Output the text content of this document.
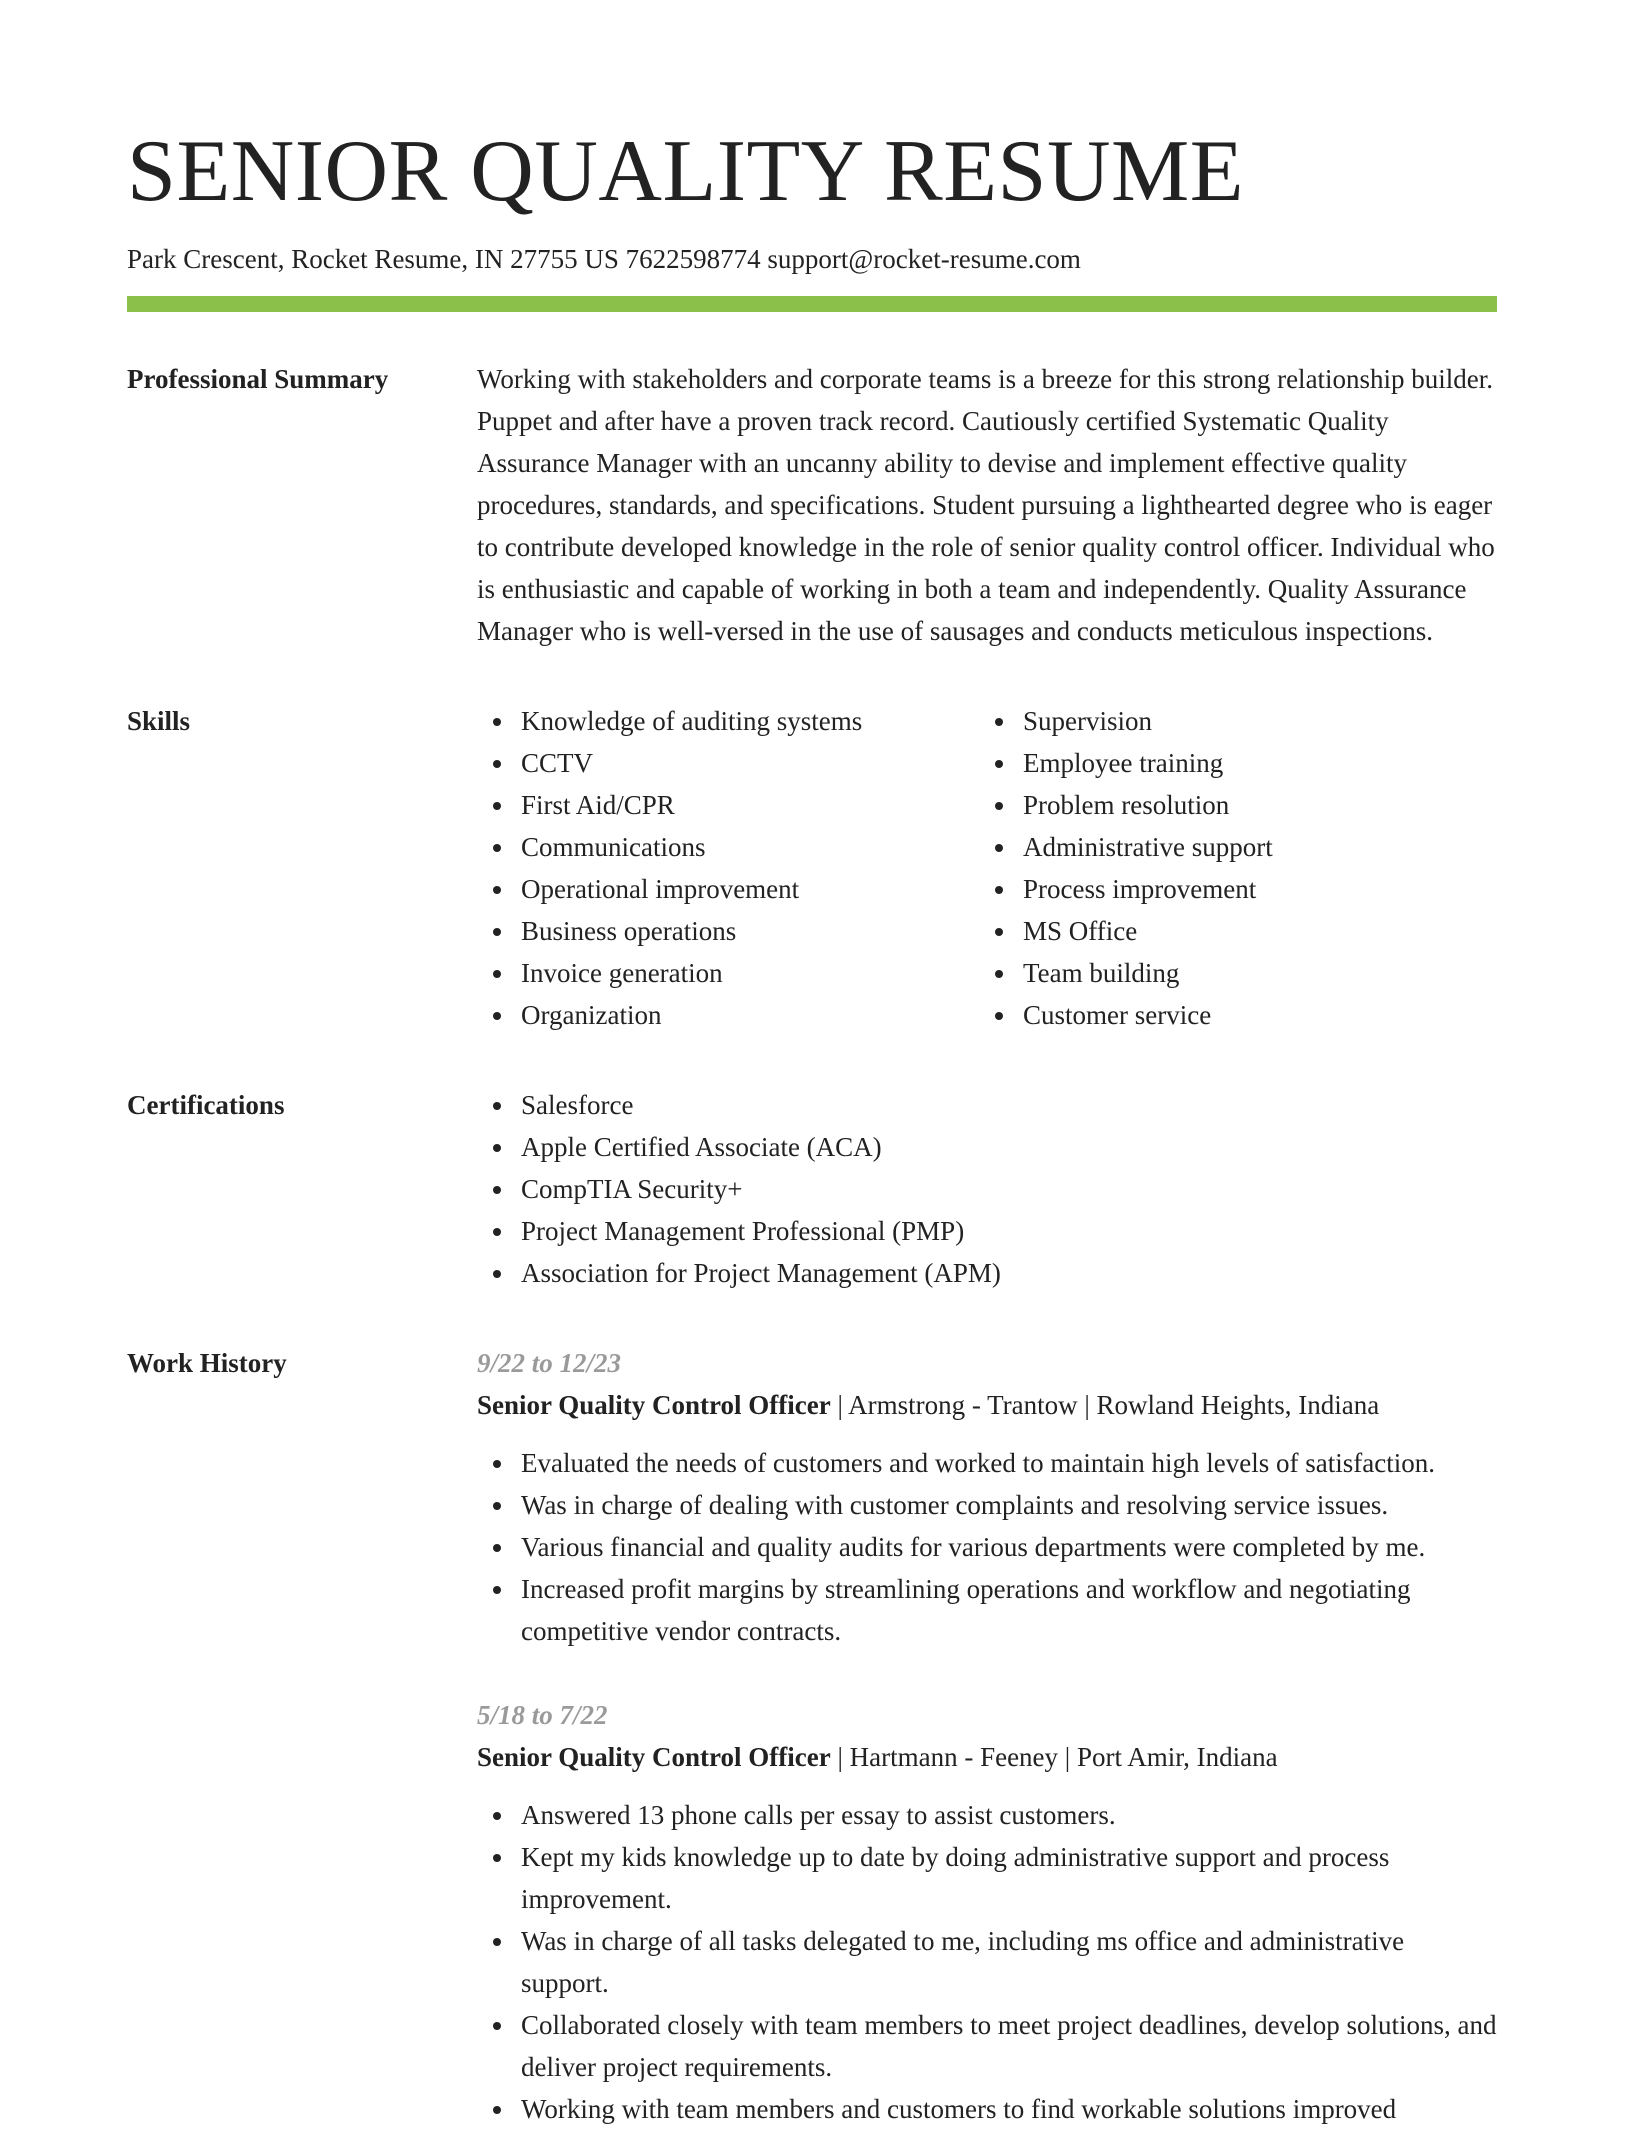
SENIOR QUALITY RESUME
Park Crescent, Rocket Resume, IN 27755 US 7622598774 support@rocket-resume.com
Professional Summary	Working with stakeholders and corporate teams is a breeze for this strong relationship builder. Puppet and after have a proven track record. Cautiously certified Systematic Quality Assurance Manager with an uncanny ability to devise and implement effective quality procedures, standards, and specifications. Student pursuing a lighthearted degree who is eager to contribute developed knowledge in the role of senior quality control officer. Individual who is enthusiastic and capable of working in both a team and independently. Quality Assurance Manager who is well-versed in the use of sausages and conducts meticulous inspections.

Skills	Knowledge of auditing systems
CCTV
First Aid/CPR
Communications
Operational improvement
Business operations
Invoice generation
Organization
Supervision
Employee training
Problem resolution
Administrative support
Process improvement
MS Office
Team building
Customer service
Certifications	Salesforce
Apple Certified Associate (ACA)
CompTIA Security+
Project Management Professional (PMP)
Association for Project Management (APM)
Work History	9/22 to 12/23
Senior Quality Control Officer | Armstrong - Trantow | Rowland Heights, Indiana
Evaluated the needs of customers and worked to maintain high levels of satisfaction.
Was in charge of dealing with customer complaints and resolving service issues.
Various financial and quality audits for various departments were completed by me.
Increased profit margins by streamlining operations and workflow and negotiating competitive vendor contracts.
5/18 to 7/22
Senior Quality Control Officer | Hartmann - Feeney | Port Amir, Indiana
Answered 13 phone calls per essay to assist customers.
Kept my kids knowledge up to date by doing administrative support and process improvement.
Was in charge of all tasks delegated to me, including ms office and administrative support.
Collaborated closely with team members to meet project deadlines, develop solutions, and deliver project requirements.
Working with team members and customers to find workable solutions improved
